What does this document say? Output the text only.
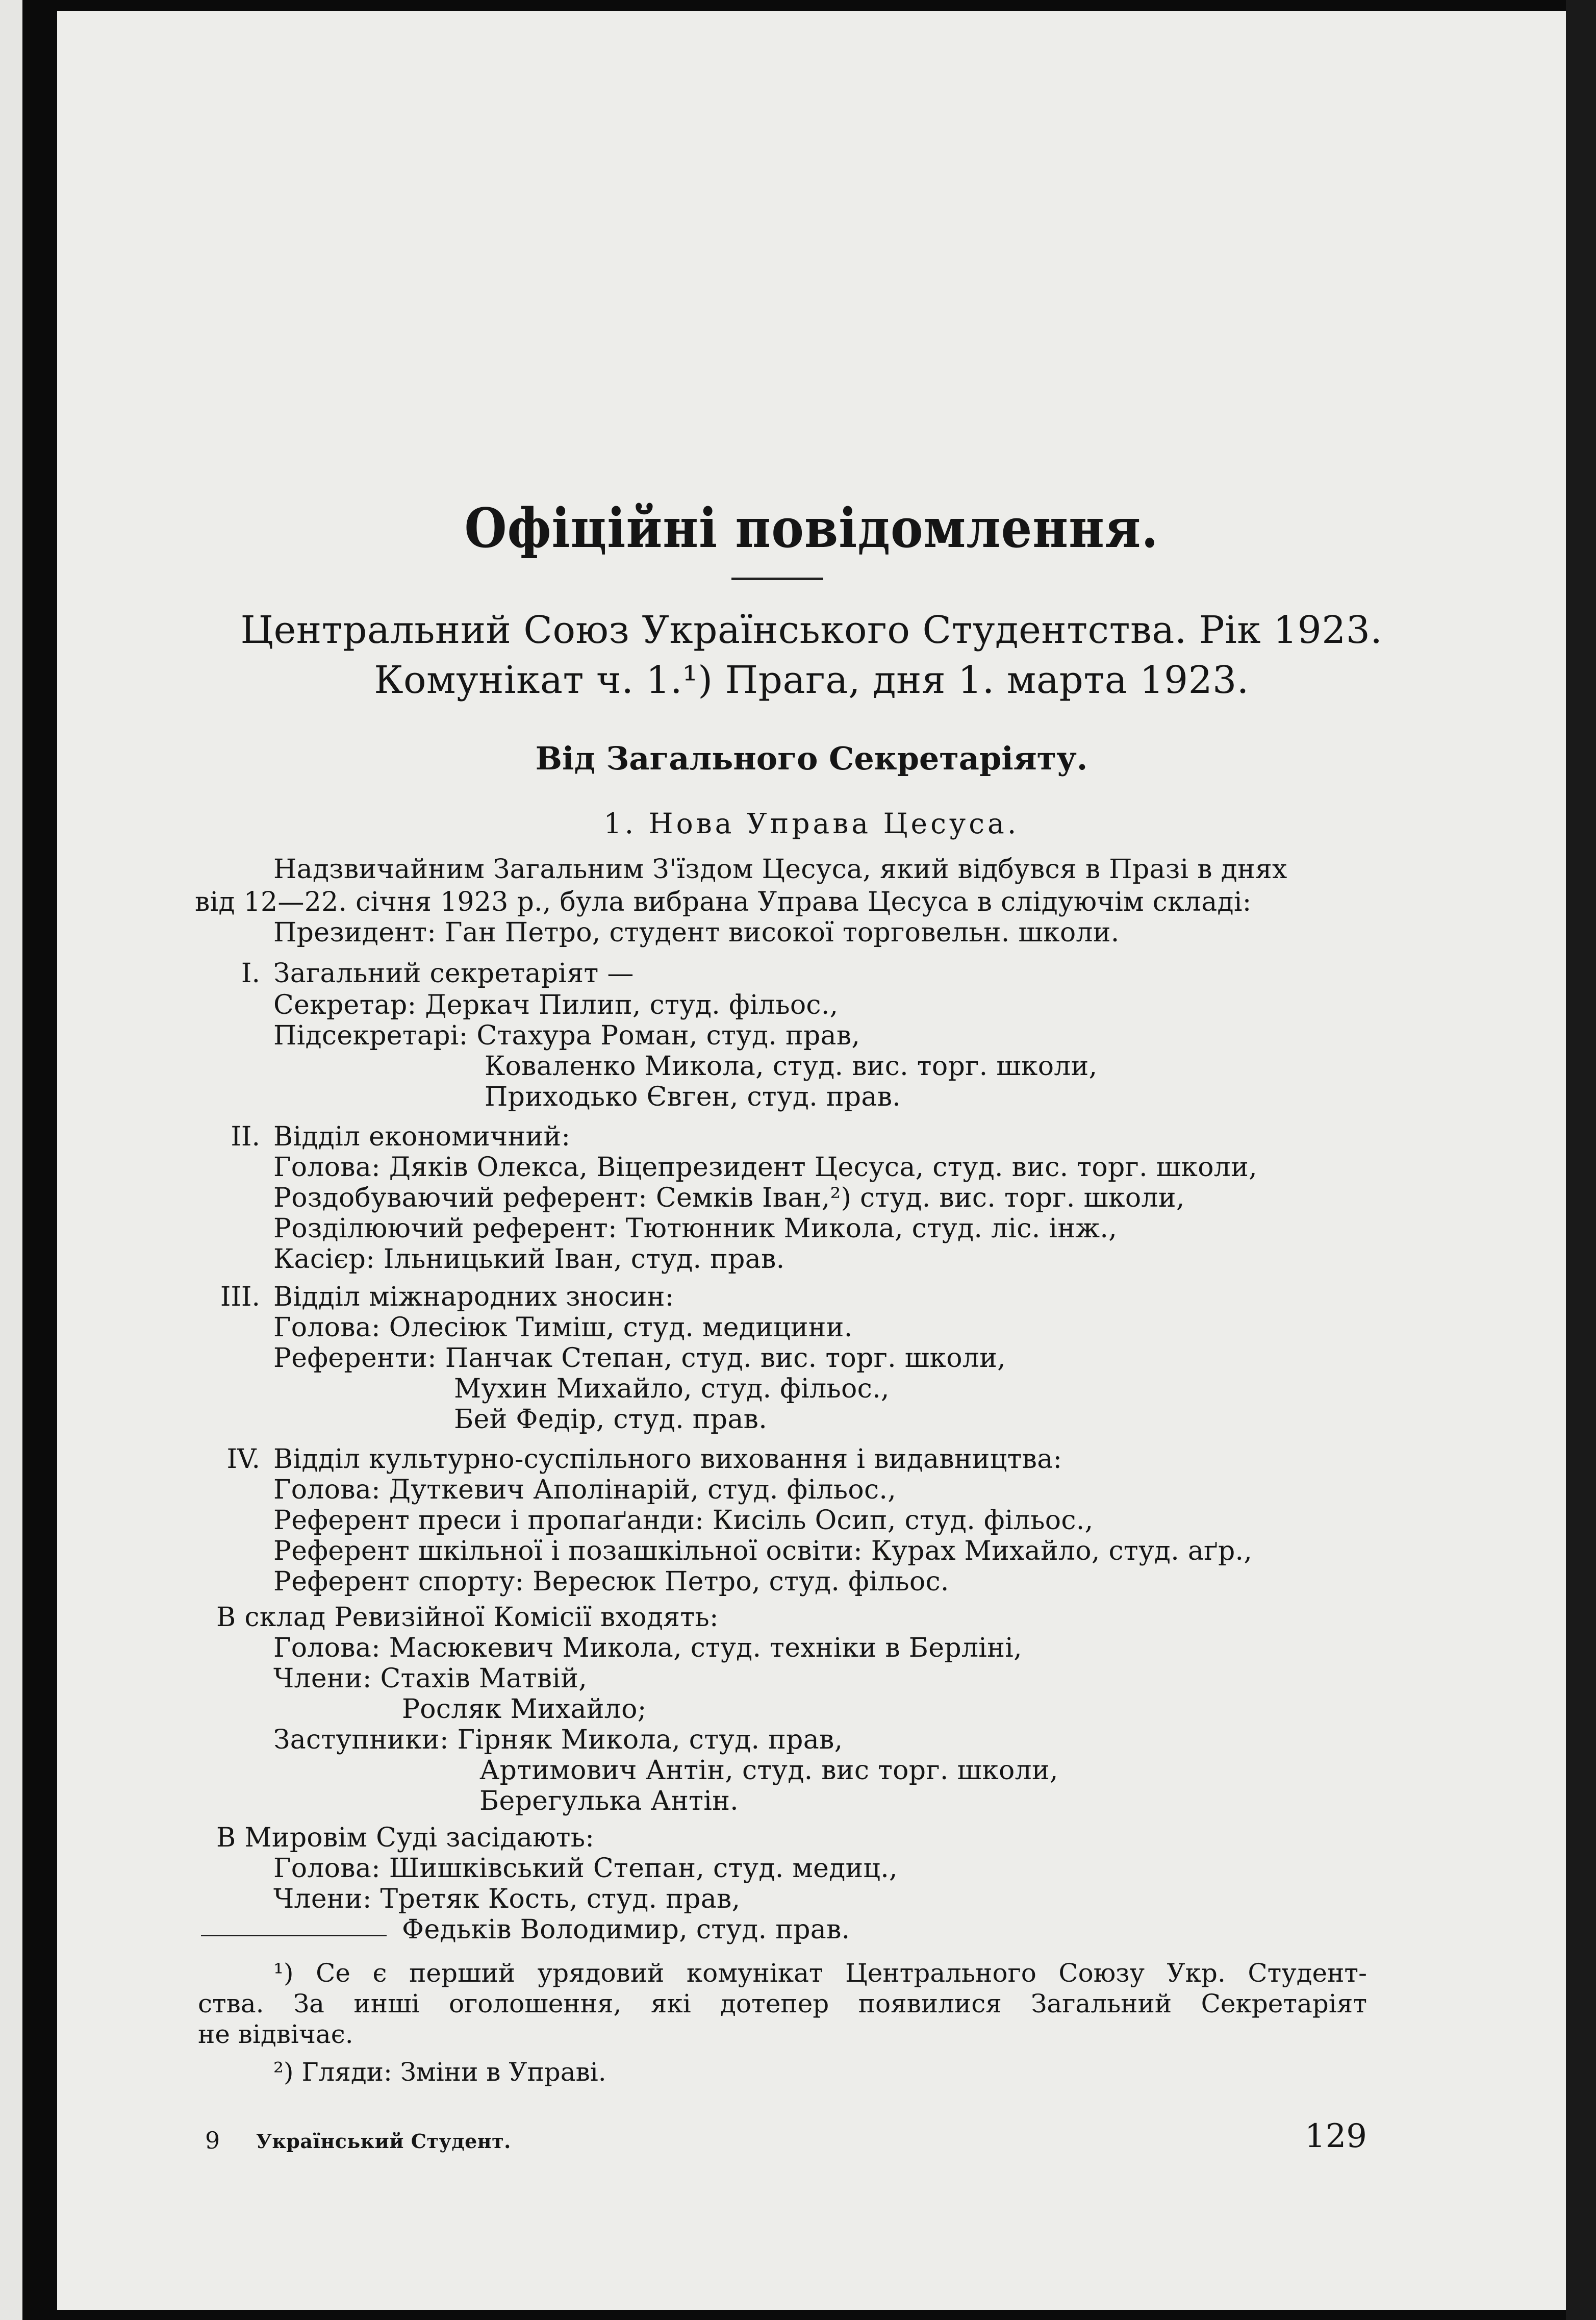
Офіційні повідомлення.
Центральний Союз Українського Студентства. Рік 1923.
Комунікат ч. 1.¹) Прага, дня 1. марта 1923.
Від Загального Секретаріяту.
1. Нова Управа Цесуса.
Надзвичайним Загальним З'їздом Цесуса, який відбувся в Празі в днях
від 12—22. січня 1923 р., була вибрана Управа Цесуса в слідуючім складі:
Президент: Ган Петро, студент високої торговельн. школи.
I. Загальний секретаріят —
Секретар: Деркач Пилип, студ. фільос.,
Підсекретарі: Стахура Роман, студ. прав,
Коваленко Микола, студ. вис. торг. школи,
Приходько Євген, студ. прав.
II. Відділ економичний:
Голова: Дяків Олекса, Віцепрезидент Цесуса, студ. вис. торг. школи,
Роздобуваючий референт: Семків Іван,²) студ. вис. торг. школи,
Розділюючий референт: Тютюнник Микола, студ. ліс. інж.,
Касієр: Ільницький Іван, студ. прав.
III. Відділ міжнародних зносин:
Голова: Олесіюк Тиміш, студ. медицини.
Референти: Панчак Степан, студ. вис. торг. школи,
Мухин Михайло, студ. фільос.,
Бей Федір, студ. прав.
IV. Відділ культурно-суспільного виховання і видавництва:
Голова: Дуткевич Аполінарій, студ. фільос.,
Референт преси і пропаґанди: Кисіль Осип, студ. фільос.,
Референт шкільної і позашкільної освіти: Курах Михайло, студ. аґр.,
Референт спорту: Вересюк Петро, студ. фільос.
В склад Ревизійної Комісії входять:
Голова: Масюкевич Микола, студ. техніки в Берліні,
Члени: Стахів Матвій,
Росляк Михайло;
Заступники: Гірняк Микола, студ. прав,
Артимович Антін, студ. вис торг. школи,
Берегулька Антін.
В Мировім Суді засідають:
Голова: Шишківський Степан, студ. медиц.,
Члени: Третяк Кость, студ. прав,
Федьків Володимир, студ. прав.
¹) Се є перший урядовий комунікат Центрального Союзу Укр. Студент-
ства. За инші оголошення, які дотепер появилися Загальний Секретаріят
не відвічає.
²) Гляди: Зміни в Управі.
9 Український Студент.	129
